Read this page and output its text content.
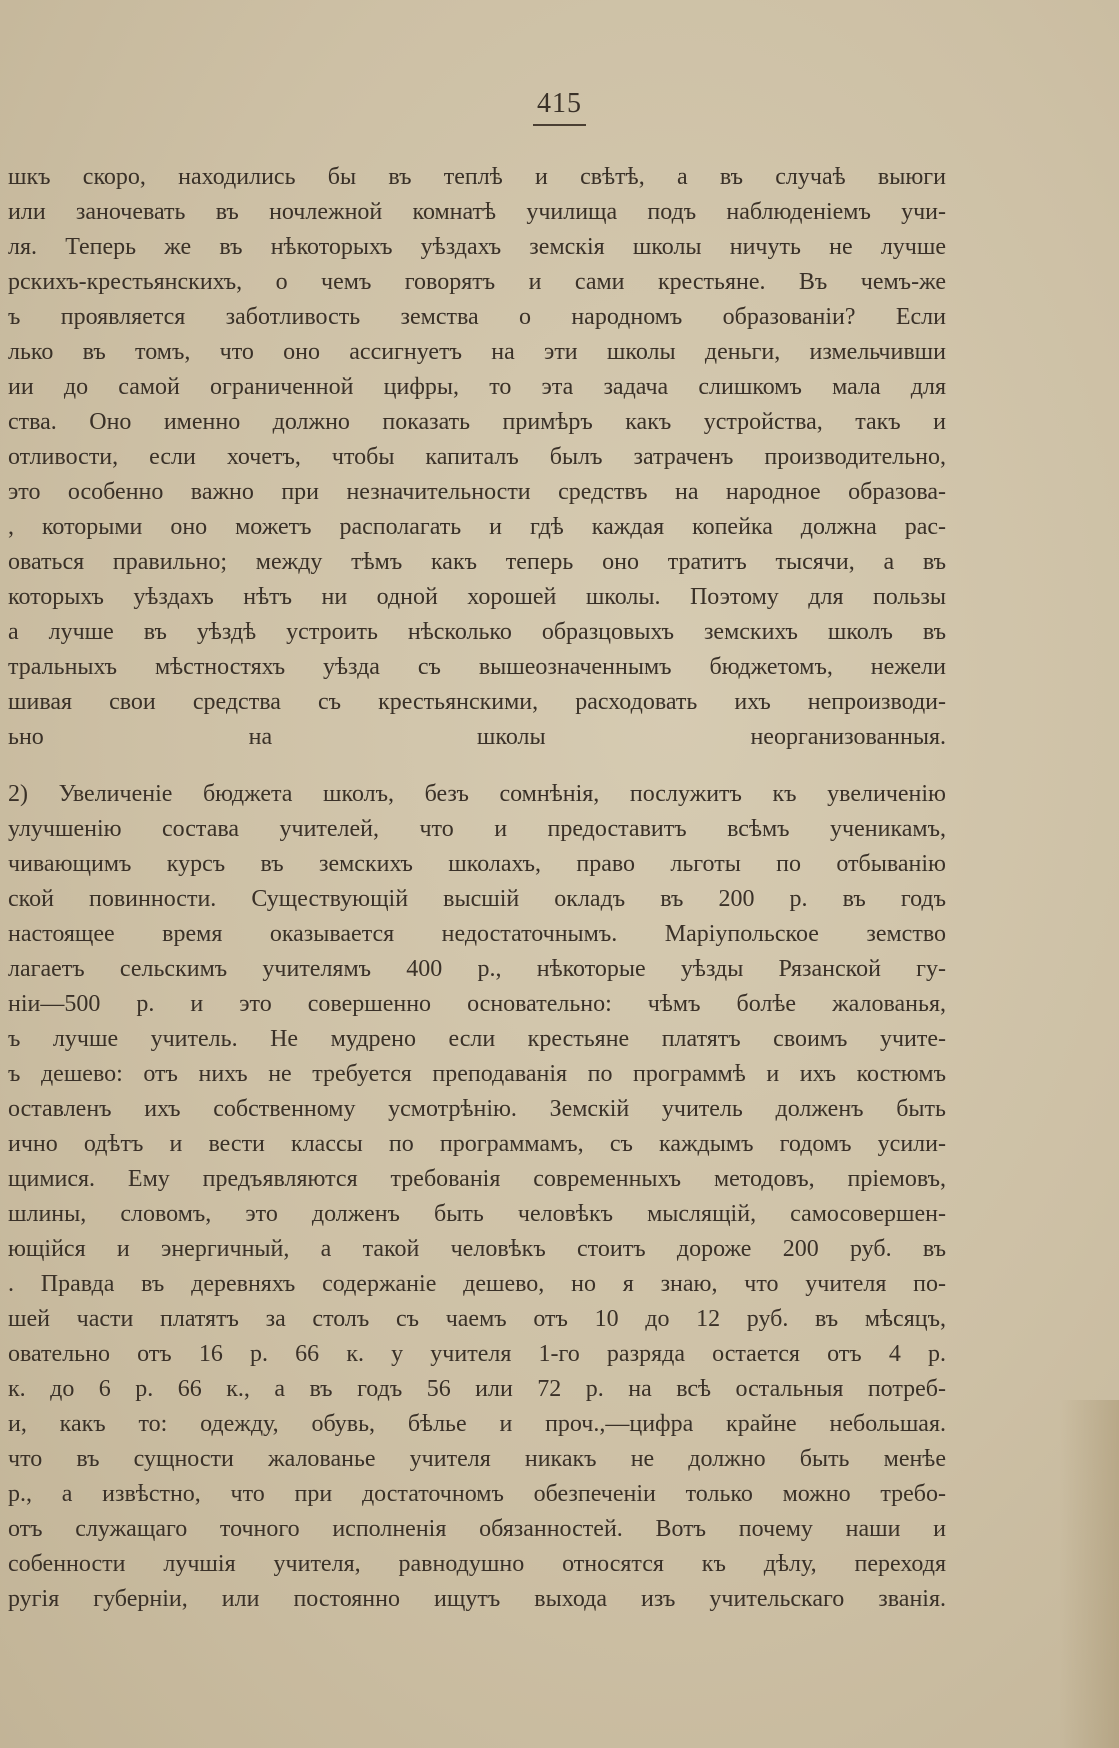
415
шкъ скоро, находились бы въ теплѣ и свѣтѣ, а въ случаѣ выюги
или заночевать въ ночлежной комнатѣ училища подъ наблюденіемъ учи-
ля. Теперь же въ нѣкоторыхъ уѣздахъ земскія школы ничуть не лучше
рскихъ-крестьянскихъ, о чемъ говорятъ и сами крестьяне. Въ чемъ-же
ъ проявляется заботливость земства о народномъ образованіи? Если
лько въ томъ, что оно ассигнуетъ на эти школы деньги, измельчивши
ии до самой ограниченной цифры, то эта задача слишкомъ мала для
ства. Оно именно должно показать примѣръ какъ устройства, такъ и
отливости, если хочетъ, чтобы капиталъ былъ затраченъ производительно,
это особенно важно при незначительности средствъ на народное образова-
, которыми оно можетъ располагать и гдѣ каждая копейка должна рас-
оваться правильно; между тѣмъ какъ теперь оно тратитъ тысячи, а въ
которыхъ уѣздахъ нѣтъ ни одной хорошей школы. Поэтому для пользы
а лучше въ уѣздѣ устроить нѣсколько образцовыхъ земскихъ школъ въ
тральныхъ мѣстностяхъ уѣзда съ вышеозначеннымъ бюджетомъ, нежели
шивая свои средства съ крестьянскими, расходовать ихъ непроизводи-
ьно на школы неорганизованныя.
2) Увеличеніе бюджета школъ, безъ сомнѣнія, послужитъ къ увеличенію
улучшенію состава учителей, что и предоставитъ всѣмъ ученикамъ,
чивающимъ курсъ въ земскихъ школахъ, право льготы по отбыванію
ской повинности. Существующій высшій окладъ въ 200 р. въ годъ
настоящее время оказывается недостаточнымъ. Маріупольское земство
лагаетъ сельскимъ учителямъ 400 р., нѣкоторые уѣзды Рязанской гу-
ніи—500 р. и это совершенно основательно: чѣмъ болѣе жалованья,
ъ лучше учитель. Не мудрено если крестьяне платятъ своимъ учите-
ъ дешево: отъ нихъ не требуется преподаванія по программѣ и ихъ костюмъ
оставленъ ихъ собственному усмотрѣнію. Земскій учитель долженъ быть
ично одѣтъ и вести классы по программамъ, съ каждымъ годомъ усили-
щимися. Ему предъявляются требованія современныхъ методовъ, пріемовъ,
шлины, словомъ, это долженъ быть человѣкъ мыслящій, самосовершен-
ющійся и энергичный, а такой человѣкъ стоитъ дороже 200 руб. въ
. Правда въ деревняхъ содержаніе дешево, но я знаю, что учителя по-
шей части платятъ за столъ съ чаемъ отъ 10 до 12 руб. въ мѣсяцъ,
овательно отъ 16 р. 66 к. у учителя 1-го разряда остается отъ 4 р.
к. до 6 р. 66 к., а въ годъ 56 или 72 р. на всѣ остальныя потреб-
и, какъ то: одежду, обувь, бѣлье и проч.,—цифра крайне небольшая.
что въ сущности жалованье учителя никакъ не должно быть менѣе
р., а извѣстно, что при достаточномъ обезпеченіи только можно требо-
отъ служащаго точного исполненія обязанностей. Вотъ почему наши и
собенности лучшія учителя, равнодушно относятся къ дѣлу, переходя
ругія губерніи, или постоянно ищутъ выхода изъ учительскаго званія.
